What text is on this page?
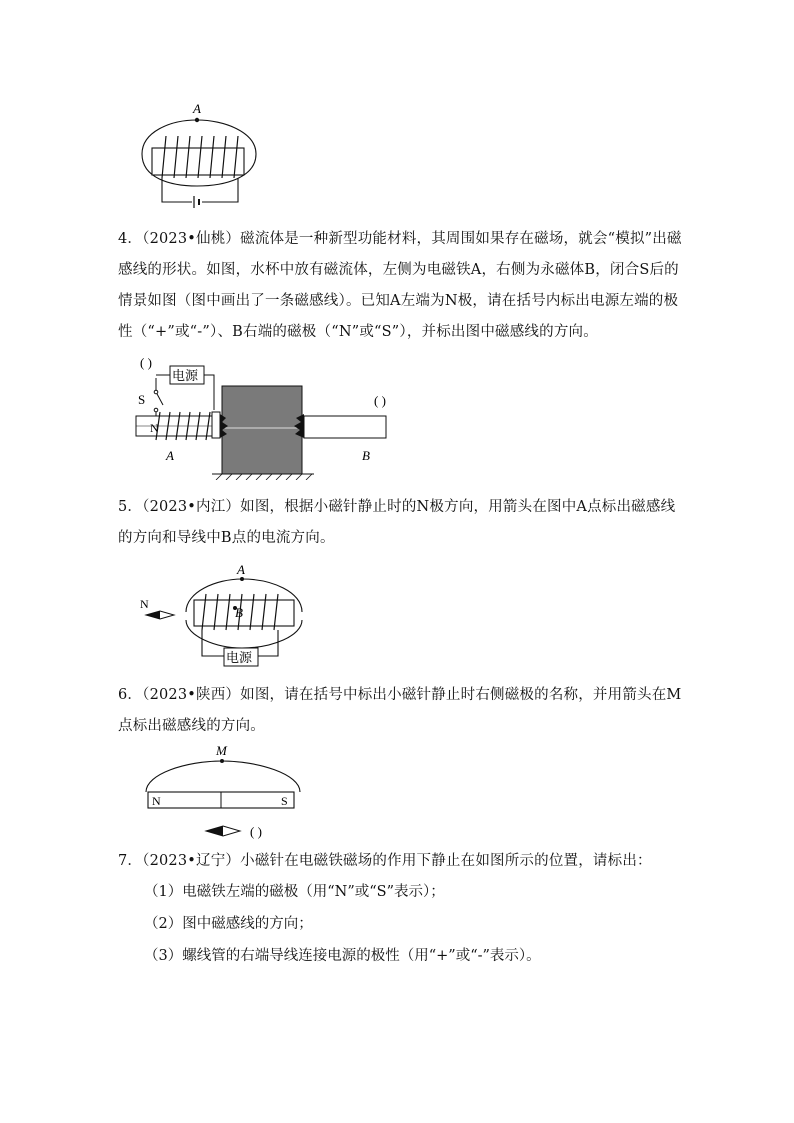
A
4．（2023•仙桃）磁流体是一种新型功能材料，其周围如果存在磁场，就会“模拟”出磁感线的形状。如图，水杯中放有磁流体，左侧为电磁铁A，右侧为永磁体B，闭合S后的情景如图（图中画出了一条磁感线）。已知A左端为N极，请在括号内标出电源左端的极性（“+”或“-”）、B右端的磁极（“N”或“S”），并标出图中磁感线的方向。
( )
电源
S
N
( )
A	B
5．（2023•内江）如图，根据小磁针静止时的N极方向，用箭头在图中A点标出磁感线的方向和导线中B点的电流方向。
A
B
N
电源
6．（2023•陕西）如图，请在括号中标出小磁针静止时右侧磁极的名称，并用箭头在M点标出磁感线的方向。
M
N	S
( )
7．（2023•辽宁）小磁针在电磁铁磁场的作用下静止在如图所示的位置，请标出：
（1）电磁铁左端的磁极（用“N”或“S”表示）；
（2）图中磁感线的方向；
（3）螺线管的右端导线连接电源的极性（用“+”或“-”表示）。
